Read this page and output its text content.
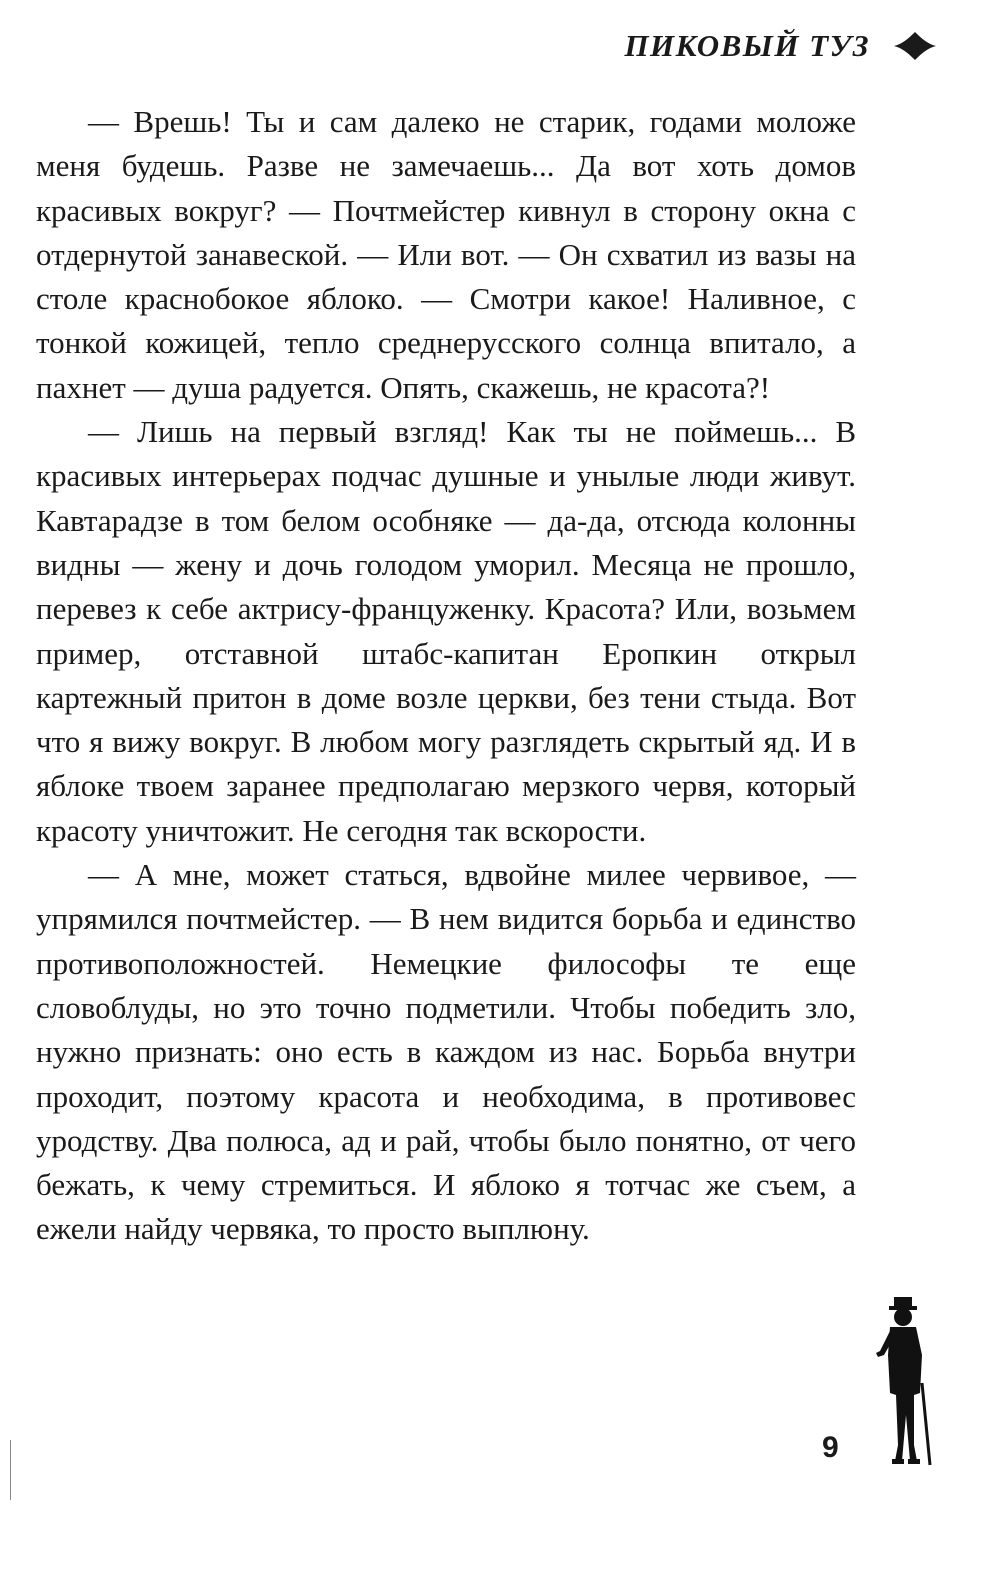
ПИКОВЫЙ ТУЗ

— Врешь! Ты и сам далеко не старик, годами моложе меня будешь. Разве не замечаешь... Да вот хоть домов красивых вокруг? — Почтмейстер кивнул в сторону окна с отдернутой занавеской. — Или вот. — Он схватил из вазы на столе краснобокое яблоко. — Смотри какое! Наливное, с тонкой кожицей, тепло среднерусского солнца впитало, а пахнет — душа радуется. Опять, скажешь, не красота?!

— Лишь на первый взгляд! Как ты не поймешь... В красивых интерьерах подчас душные и унылые люди живут. Кавтарадзе в том белом особняке — да-да, отсюда колонны видны — жену и дочь голодом уморил. Месяца не прошло, перевез к себе актрису-француженку. Красота? Или, возьмем пример, отставной штабс-капитан Еропкин открыл картежный притон в доме возле церкви, без тени стыда. Вот что я вижу вокруг. В любом могу разглядеть скрытый яд. И в яблоке твоем заранее предполагаю мерзкого червя, который красоту уничтожит. Не сегодня так вскорости.

— А мне, может статься, вдвойне милее червивое, — упрямился почтмейстер. — В нем видится борьба и единство противоположностей. Немецкие философы те еще словоблуды, но это точно подметили. Чтобы победить зло, нужно признать: оно есть в каждом из нас. Борьба внутри проходит, поэтому красота и необходима, в противовес уродству. Два полюса, ад и рай, чтобы было понятно, от чего бежать, к чему стремиться. И яблоко я тотчас же съем, а ежели найду червяка, то просто выплюну.

9
